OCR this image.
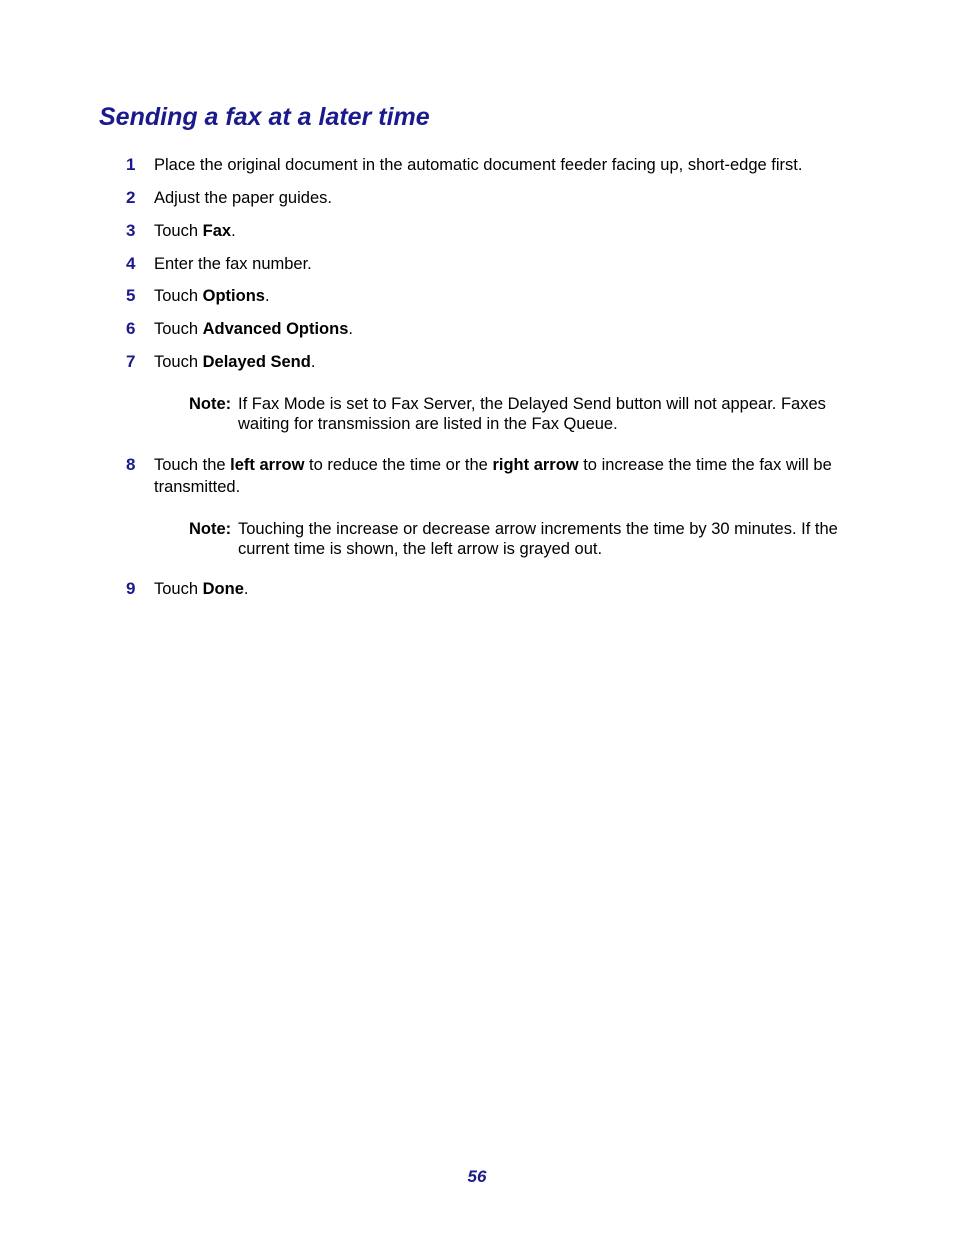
Sending a fax at a later time
1	Place the original document in the automatic document feeder facing up, short-edge first.
2	Adjust the paper guides.
3	Touch Fax.
4	Enter the fax number.
5	Touch Options.
6	Touch Advanced Options.
7	Touch Delayed Send.
Note: If Fax Mode is set to Fax Server, the Delayed Send button will not appear. Faxes waiting for transmission are listed in the Fax Queue.
8	Touch the left arrow to reduce the time or the right arrow to increase the time the fax will be transmitted.
Note: Touching the increase or decrease arrow increments the time by 30 minutes. If the current time is shown, the left arrow is grayed out.
9	Touch Done.
56
